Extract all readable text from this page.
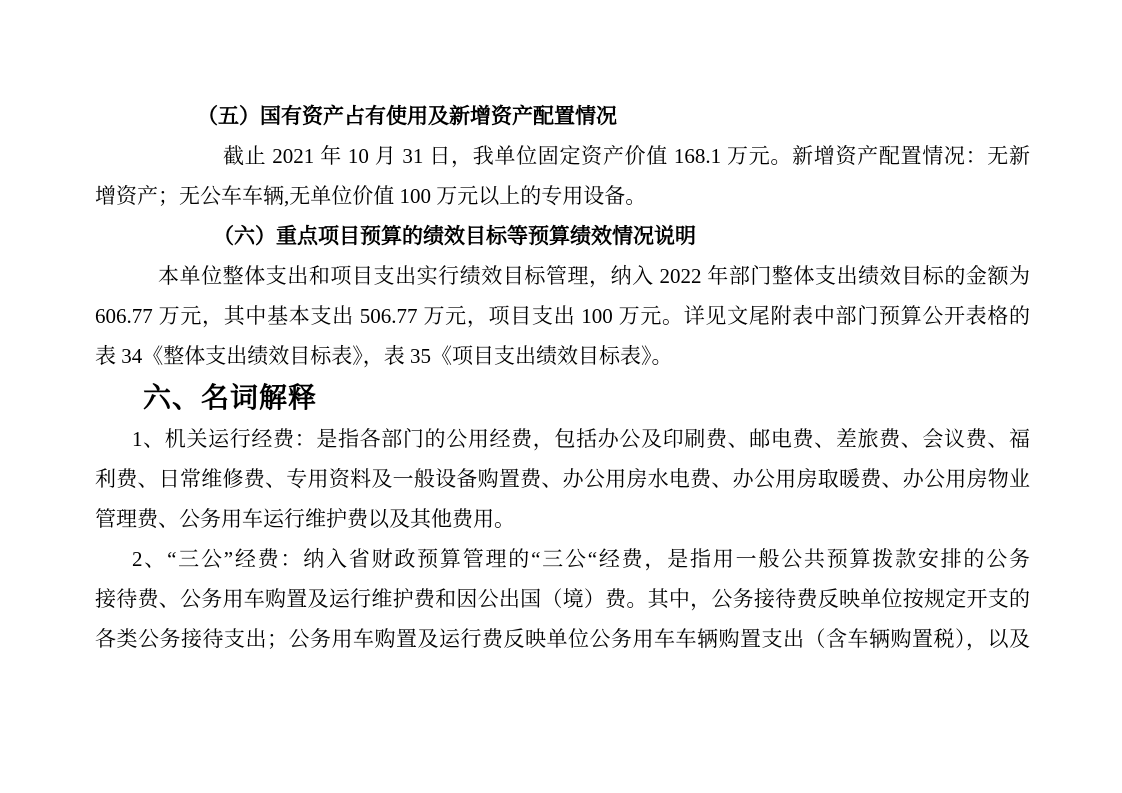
（五）国有资产占有使用及新增资产配置情况
截止 2021 年 10 月 31 日，我单位固定资产价值 168.1 万元。新增资产配置情况：无新
增资产；无公车车辆,无单位价值 100 万元以上的专用设备。
（六）重点项目预算的绩效目标等预算绩效情况说明
本单位整体支出和项目支出实行绩效目标管理，纳入 2022 年部门整体支出绩效目标的金额为
606.77 万元，其中基本支出 506.77 万元，项目支出 100 万元。详见文尾附表中部门预算公开表格的
表 34《整体支出绩效目标表》，表 35《项目支出绩效目标表》。
六、名词解释
1、机关运行经费：是指各部门的公用经费，包括办公及印刷费、邮电费、差旅费、会议费、福
利费、日常维修费、专用资料及一般设备购置费、办公用房水电费、办公用房取暖费、办公用房物业
管理费、公务用车运行维护费以及其他费用。
2、“三公”经费：纳入省财政预算管理的“三公“经费，是指用一般公共预算拨款安排的公务
接待费、公务用车购置及运行维护费和因公出国（境）费。其中，公务接待费反映单位按规定开支的
各类公务接待支出；公务用车购置及运行费反映单位公务用车车辆购置支出（含车辆购置税），以及
